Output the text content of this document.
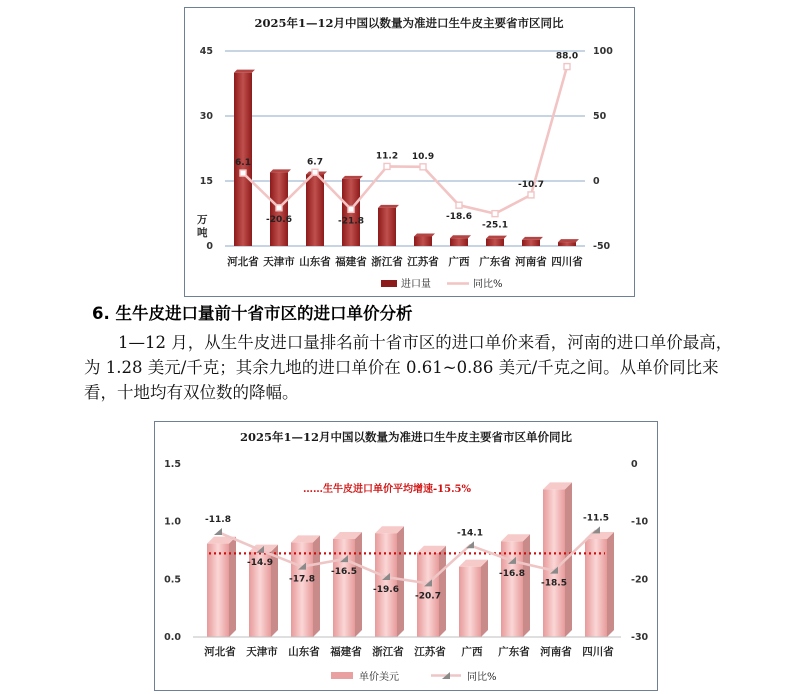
2025年1—12月中国以数量为准进口生牛皮主要省市区同比
100
50
0
-50
45
30
15
0
万
吨
河北省 天津市 山东省 福建省 浙江省 江苏省 广西 广东省 河南省 四川省
6.1
-20.6
6.7
-21.8
11.2 10.9
-18.6
-25.1
-10.7
88.0
进口量	同比%
6. 生牛皮进口量前十省市区的进口单价分析
1—12 月，从生牛皮进口量排名前十省市区的进口单价来看，河南的进口单价最高，为 1.28 美元/千克；其余九地的进口单价在 0.61~0.86 美元/千克之间。从单价同比来看，十地均有双位数的降幅。
2025年1—12月中国以数量为准进口生牛皮主要省市区单价同比
1.5
1.0
0.5
0.0
0
-10
-20
-30
河北省 天津市 山东省 福建省 浙江省 江苏省 广西 广东省 河南省 四川省
……生牛皮进口单价平均增速-15.5%
-11.8
-14.9
-17.8
-16.5
-19.6
-20.7
-14.1
-16.8
-18.5
-11.5
单价美元	同比%
